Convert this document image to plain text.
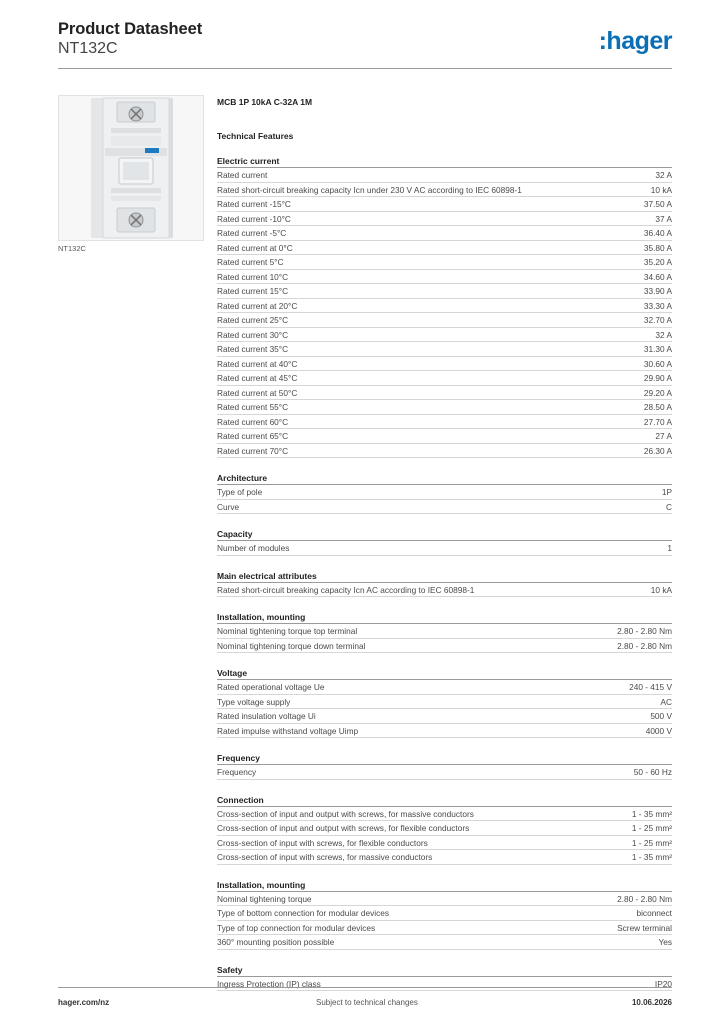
Product Datasheet
NT132C	:hager
NT132C
MCB 1P 10kA C-32A 1M
Technical Features
Electric current
Rated current	32 A
Rated short-circuit breaking capacity Icn under 230 V AC according to IEC 60898-1	10 kA
Rated current -15°C	37.50 A
Rated current -10°C	37 A
Rated current -5°C	36.40 A
Rated current at 0°C	35.80 A
Rated current 5°C	35.20 A
Rated current 10°C	34.60 A
Rated current 15°C	33.90 A
Rated current at 20°C	33.30 A
Rated current 25°C	32.70 A
Rated current 30°C	32 A
Rated current 35°C	31.30 A
Rated current at 40°C	30.60 A
Rated current at 45°C	29.90 A
Rated current at 50°C	29.20 A
Rated current 55°C	28.50 A
Rated current 60°C	27.70 A
Rated current 65°C	27 A
Rated current 70°C	26.30 A
Architecture
Type of pole	1P
Curve	C
Capacity
Number of modules	1
Main electrical attributes
Rated short-circuit breaking capacity Icn AC according to IEC 60898-1	10 kA
Installation, mounting
Nominal tightening torque top terminal	2.80 - 2.80 Nm
Nominal tightening torque down terminal	2.80 - 2.80 Nm
Voltage
Rated operational voltage Ue	240 - 415 V
Type voltage supply	AC
Rated insulation voltage Ui	500 V
Rated impulse withstand voltage Uimp	4000 V
Frequency
Frequency	50 - 60 Hz
Connection
Cross-section of input and output with screws, for massive conductors	1 - 35 mm²
Cross-section of input and output with screws, for flexible conductors	1 - 25 mm²
Cross-section of input with screws, for flexible conductors	1 - 25 mm²
Cross-section of input with screws, for massive conductors	1 - 35 mm²
Installation, mounting
Nominal tightening torque	2.80 - 2.80 Nm
Type of bottom connection for modular devices	biconnect
Type of top connection for modular devices	Screw terminal
360° mounting position possible	Yes
Safety
Ingress Protection (IP) class	IP20
hager.com/nz	Subject to technical changes	10.06.2026
